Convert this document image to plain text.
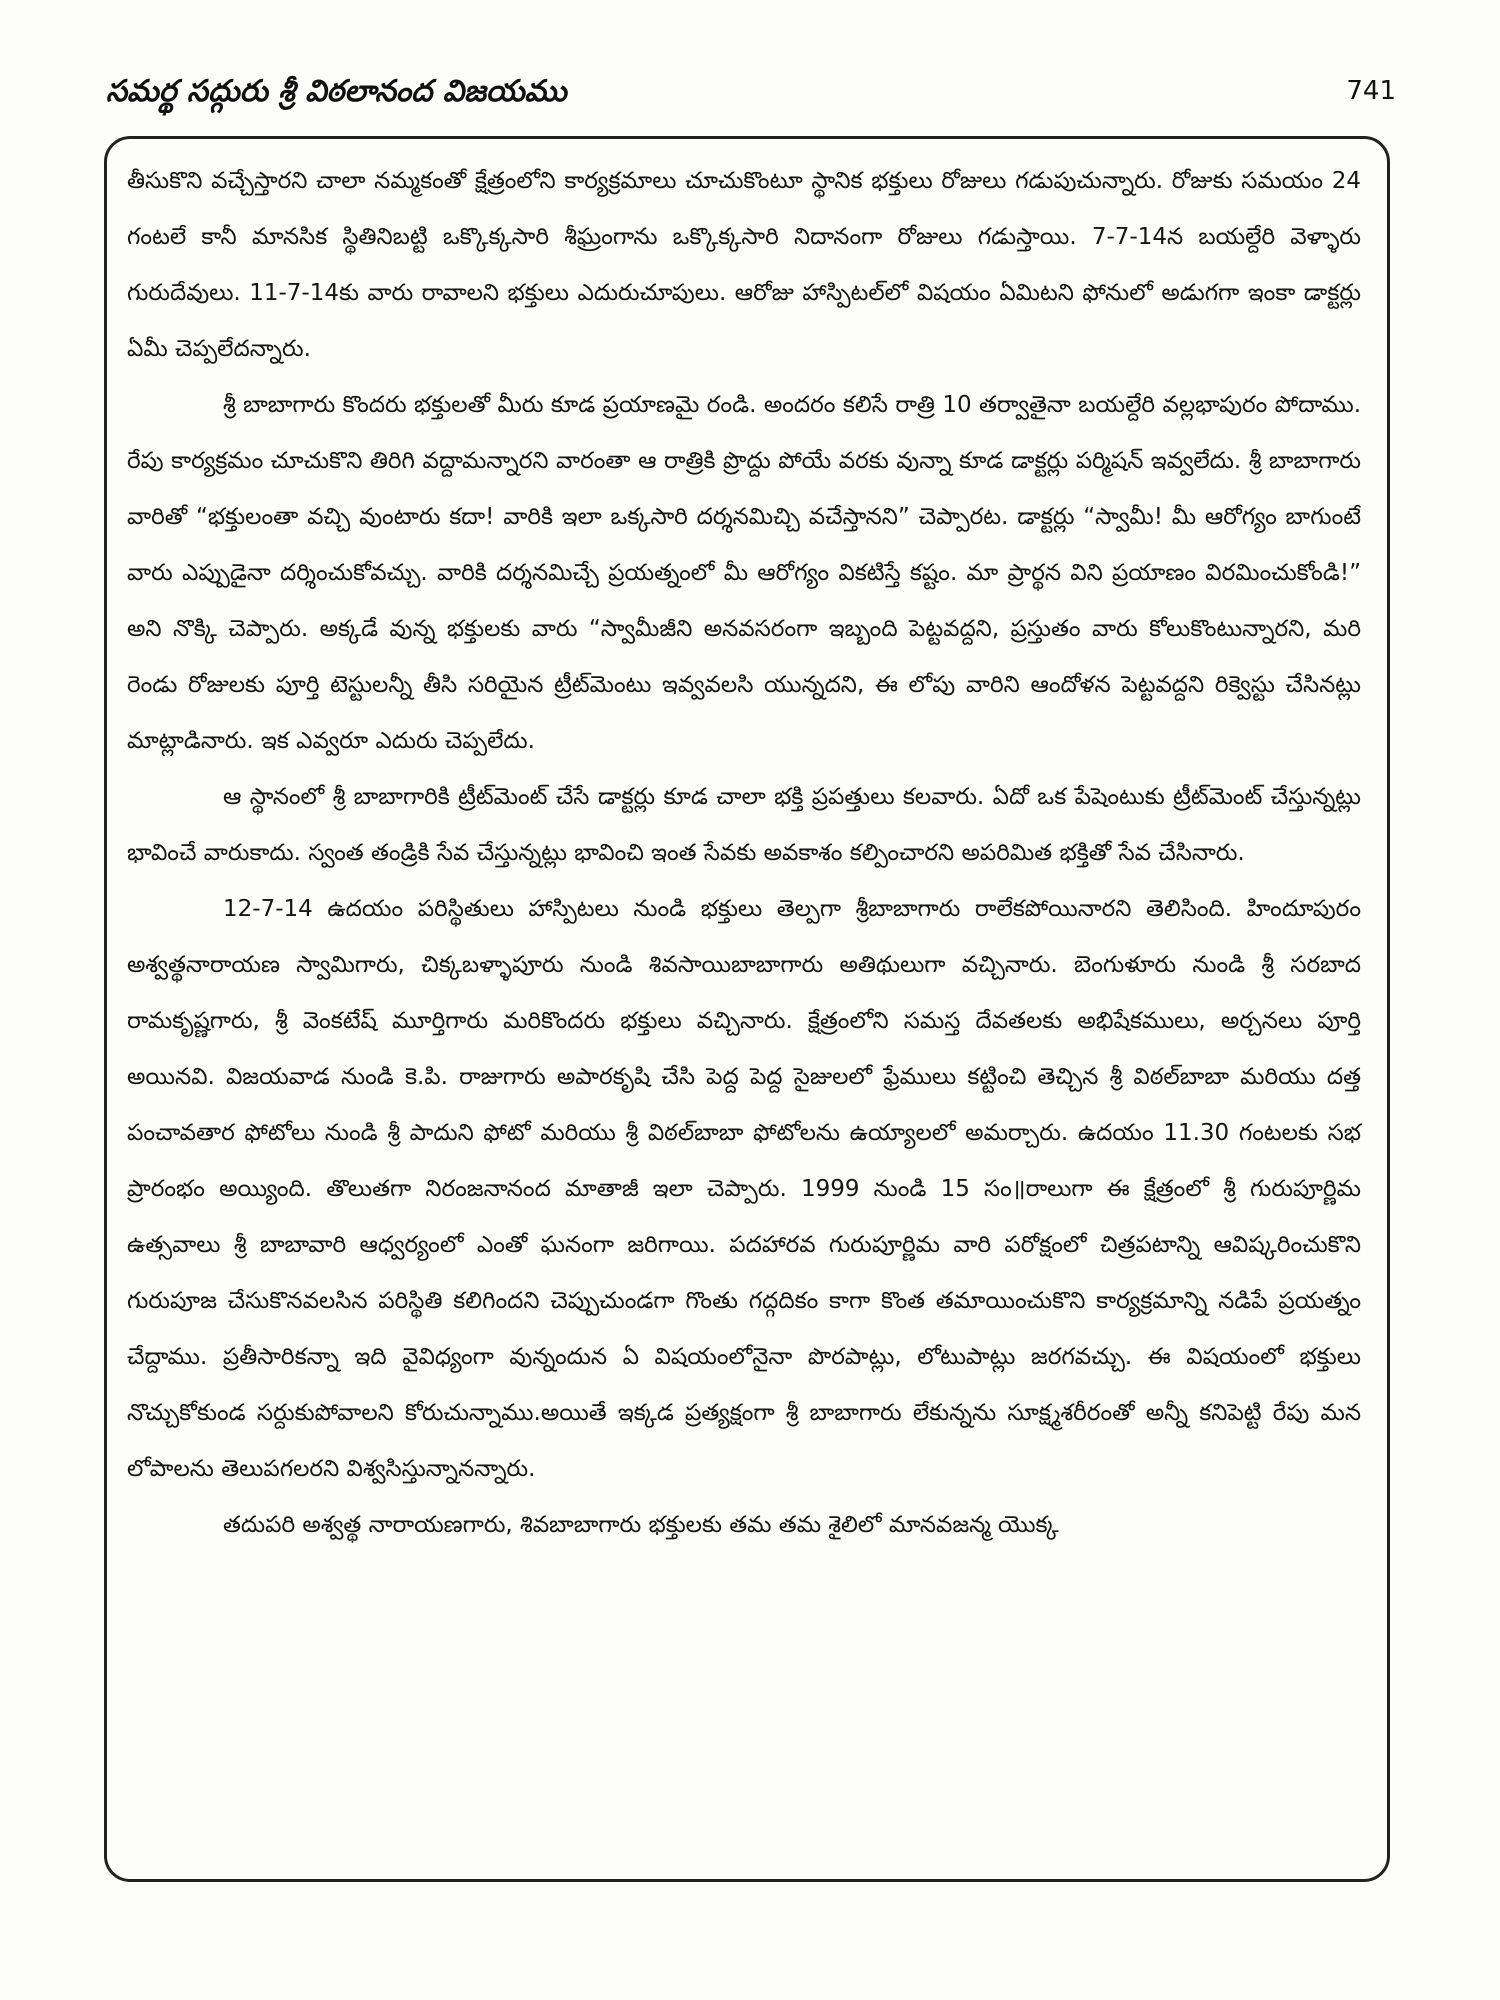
సమర్థ సద్గురు శ్రీ విఠలానంద విజయము	741

తీసుకొని వచ్చేస్తారని చాలా నమ్మకంతో క్షేత్రంలోని కార్యక్రమాలు చూచుకొంటూ స్థానిక భక్తులు రోజులు గడుపుచున్నారు. రోజుకు సమయం 24 గంటలే కానీ మానసిక స్థితినిబట్టి ఒక్కొక్కసారి శీఘ్రంగాను ఒక్కొక్కసారి నిదానంగా రోజులు గడుస్తాయి. 7-7-14న బయల్దేరి వెళ్ళారు గురుదేవులు. 11-7-14కు వారు రావాలని భక్తులు ఎదురుచూపులు. ఆరోజు హాస్పిటల్‌లో విషయం ఏమిటని ఫోనులో అడుగగా ఇంకా డాక్టర్లు ఏమీ చెప్పలేదన్నారు.

శ్రీ బాబాగారు కొందరు భక్తులతో మీరు కూడ ప్రయాణమై రండి. అందరం కలిసే రాత్రి 10 తర్వాతైనా బయల్దేరి వల్లభాపురం పోదాము. రేపు కార్యక్రమం చూచుకొని తిరిగి వద్దామన్నారని వారంతా ఆ రాత్రికి ప్రొద్దు పోయే వరకు వున్నా కూడ డాక్టర్లు పర్మిషన్ ఇవ్వలేదు. శ్రీ బాబాగారు వారితో “భక్తులంతా వచ్చి వుంటారు కదా! వారికి ఇలా ఒక్కసారి దర్శనమిచ్చి వచేస్తానని” చెప్పారట. డాక్టర్లు “స్వామీ! మీ ఆరోగ్యం బాగుంటే వారు ఎప్పుడైనా దర్శించుకోవచ్చు. వారికి దర్శనమిచ్చే ప్రయత్నంలో మీ ఆరోగ్యం వికటిస్తే కష్టం. మా ప్రార్థన విని ప్రయాణం విరమించుకోండి!” అని నొక్కి చెప్పారు. అక్కడే వున్న భక్తులకు వారు “స్వామీజీని అనవసరంగా ఇబ్బంది పెట్టవద్దని, ప్రస్తుతం వారు కోలుకొంటున్నారని, మరి రెండు రోజులకు పూర్తి టెస్టులన్నీ తీసి సరియైన ట్రీట్‌మెంటు ఇవ్వవలసి యున్నదని, ఈ లోపు వారిని ఆందోళన పెట్టవద్దని రిక్వెస్టు చేసినట్లు మాట్లాడినారు. ఇక ఎవ్వరూ ఎదురు చెప్పలేదు.

ఆ స్థానంలో శ్రీ బాబాగారికి ట్రీట్‌మెంట్ చేసే డాక్టర్లు కూడ చాలా భక్తి ప్రపత్తులు కలవారు. ఏదో ఒక పేషెంటుకు ట్రీట్‌మెంట్ చేస్తున్నట్లు భావించే వారుకాదు. స్వంత తండ్రికి సేవ చేస్తున్నట్లు భావించి ఇంత సేవకు అవకాశం కల్పించారని అపరిమిత భక్తితో సేవ చేసినారు.

12-7-14 ఉదయం పరిస్థితులు హాస్పిటలు నుండి భక్తులు తెల్పగా శ్రీబాబాగారు రాలేకపోయినారని తెలిసింది. హిందూపురం అశ్వత్థనారాయణ స్వామిగారు, చిక్కబళ్ళాపూరు నుండి శివసాయిబాబాగారు అతిథులుగా వచ్చినారు. బెంగుళూరు నుండి శ్రీ సరబాద రామకృష్ణగారు, శ్రీ వెంకటేష్ మూర్తిగారు మరికొందరు భక్తులు వచ్చినారు. క్షేత్రంలోని సమస్త దేవతలకు అభిషేకములు, అర్చనలు పూర్తి అయినవి. విజయవాడ నుండి కె.పి. రాజుగారు అపారకృషి చేసి పెద్ద పెద్ద సైజులలో ఫ్రేములు కట్టించి తెచ్చిన శ్రీ విఠల్‌బాబా మరియు దత్త పంచావతార ఫోటోలు నుండి శ్రీ పాదుని ఫోటో మరియు శ్రీ విఠల్‌బాబా ఫోటోలను ఉయ్యాలలో అమర్చారు. ఉదయం 11.30 గంటలకు సభ ప్రారంభం అయ్యింది. తొలుతగా నిరంజనానంద మాతాజీ ఇలా చెప్పారు. 1999 నుండి 15 సం॥రాలుగా ఈ క్షేత్రంలో శ్రీ గురుపూర్ణిమ ఉత్సవాలు శ్రీ బాబావారి ఆధ్వర్యంలో ఎంతో ఘనంగా జరిగాయి. పదహారవ గురుపూర్ణిమ వారి పరోక్షంలో చిత్రపటాన్ని ఆవిష్కరించుకొని గురుపూజ చేసుకొనవలసిన పరిస్థితి కలిగిందని చెప్పుచుండగా గొంతు గద్గదికం కాగా కొంత తమాయించుకొని కార్యక్రమాన్ని నడిపే ప్రయత్నం చేద్దాము. ప్రతీసారికన్నా ఇది వైవిధ్యంగా వున్నందున ఏ విషయంలోనైనా పొరపాట్లు, లోటుపాట్లు జరగవచ్చు. ఈ విషయంలో భక్తులు నొచ్చుకోకుండ సర్దుకుపోవాలని కోరుచున్నాము.అయితే ఇక్కడ ప్రత్యక్షంగా శ్రీ బాబాగారు లేకున్నను సూక్ష్మశరీరంతో అన్నీ కనిపెట్టి రేపు మన లోపాలను తెలుపగలరని విశ్వసిస్తున్నానన్నారు.

తదుపరి అశ్వత్థ నారాయణగారు, శివబాబాగారు భక్తులకు తమ తమ శైలిలో మానవజన్మ యొక్క
